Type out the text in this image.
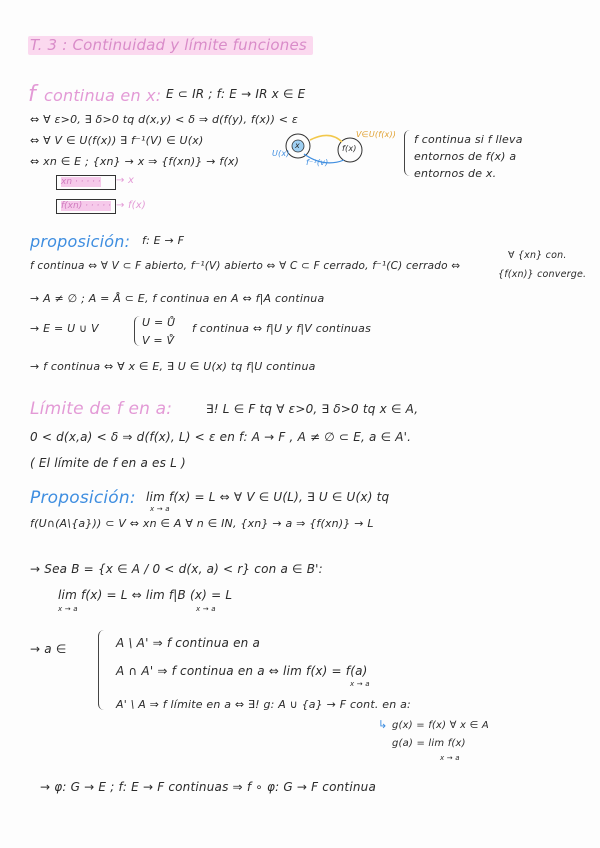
T. 3 : Continuidad y límite funciones
f continua en x: E ⊂ IR ; f: E → IR x ∈ E
⇔ ∀ ε>0, ∃ δ>0 tq d(x,y) < δ ⇒ d(f(y), f(x)) < ε
⇔ ∀ V ∈ U(f(x)) ∃ f⁻¹(V) ∈ U(x)
⇔ xn ∈ E ; {xn} → x ⇒ {f(xn)} → f(x)
x	f(x)
V∈U(f(x))
U(x)
f⁻¹(v)
f continua si f lleva
entornos de f(x) a
entornos de x.
xn · · · · ·	→ x
f(xn) · · · · · → f(x)
proposición: f: E → F
f continua ⇔ ∀ V ⊂ F abierto, f⁻¹(V) abierto ⇔ ∀ C ⊂ F cerrado, f⁻¹(C) cerrado ⇔
∀ {xn} con.
{f(xn)} converge.
→ A ≠ ∅ ; A = Å ⊂ E, f continua en A ⇔ f|A continua
→ E = U ∪ V	U = Ů
V = V̊
f continua ⇔ f|U y f|V continuas
→ f continua ⇔ ∀ x ∈ E, ∃ U ∈ U(x) tq f|U continua
Límite de f en a:	∃! L ∈ F tq ∀ ε>0, ∃ δ>0 tq x ∈ A,
0 < d(x,a) < δ ⇒ d(f(x), L) < ε en f: A → F , A ≠ ∅ ⊂ E, a ∈ A'.
( El límite de f en a es L )
Proposición: lim f(x) = L ⇔ ∀ V ∈ U(L), ∃ U ∈ U(x) tq
x → a
f(U∩(A\{a})) ⊂ V ⇔ xn ∈ A ∀ n ∈ IN, {xn} → a ⇒ {f(xn)} → L
→ Sea B = {x ∈ A / 0 < d(x, a) < r} con a ∈ B':
lim f(x) = L ⇔ lim f|B (x) = L
x → a	x → a
→ a ∈	A \ A' ⇒ f continua en a
A ∩ A' ⇒ f continua en a ⇔ lim f(x) = f(a)
x → a
A' \ A ⇒ f límite en a ⇔ ∃! g: A ∪ {a} → F cont. en a:
↳ g(x) = f(x) ∀ x ∈ A
g(a) = lim f(x)
x → a
→ φ: G → E ; f: E → F continuas ⇒ f ∘ φ: G → F continua
